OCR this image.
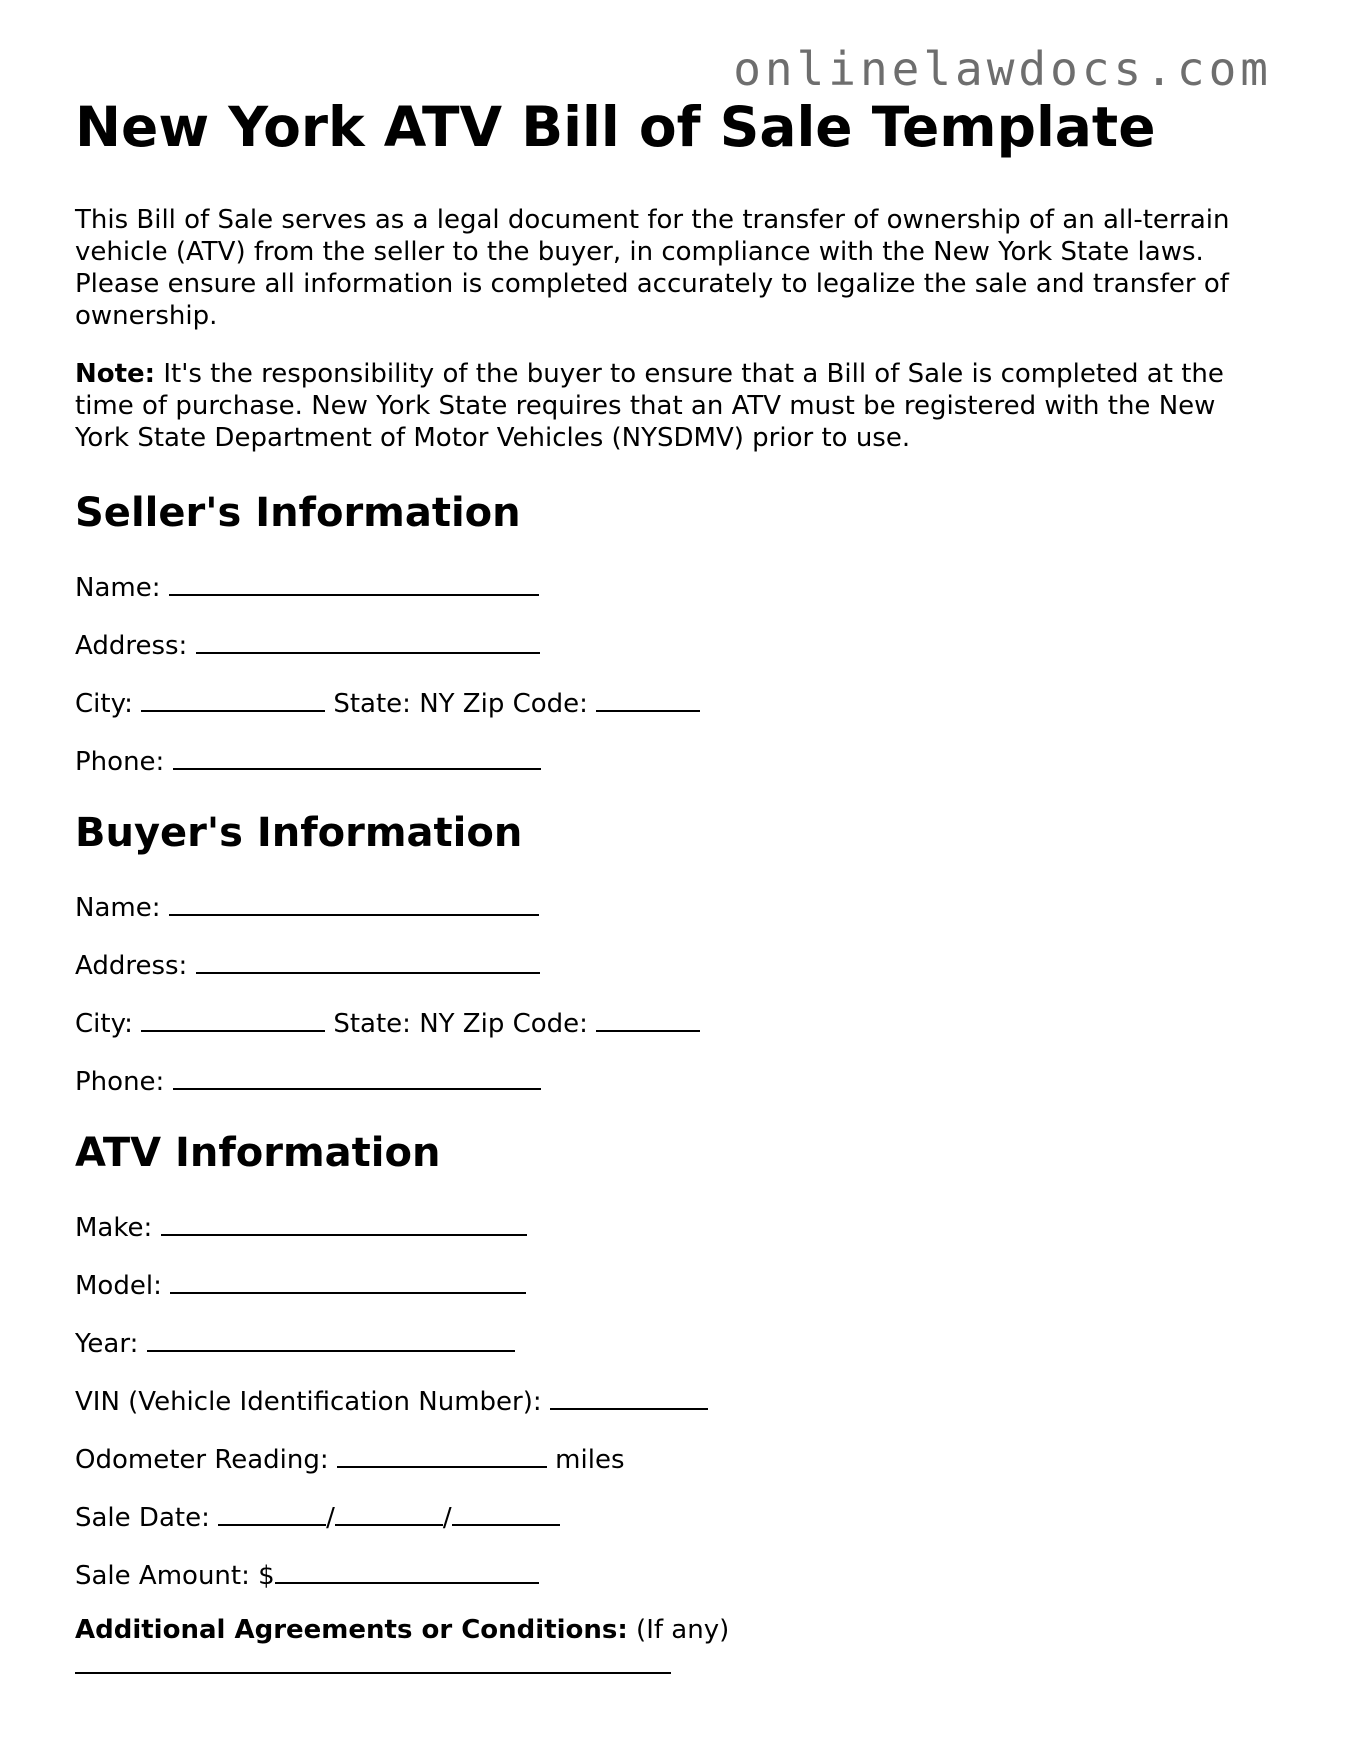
onlinelawdocs.com
New York ATV Bill of Sale Template

This Bill of Sale serves as a legal document for the transfer of ownership of an all-terrain vehicle (ATV) from the seller to the buyer, in compliance with the New York State laws. Please ensure all information is completed accurately to legalize the sale and transfer of ownership.

Note: It's the responsibility of the buyer to ensure that a Bill of Sale is completed at the time of purchase. New York State requires that an ATV must be registered with the New York State Department of Motor Vehicles (NYSDMV) prior to use.

Seller's Information
Name:
Address:
City:	State: NY Zip Code:
Phone:
Buyer's Information
Name:
Address:
City:	State: NY Zip Code:
Phone:
ATV Information
Make:
Model:
Year:
VIN (Vehicle Identification Number):
Odometer Reading:	miles
Sale Date:	/	/
Sale Amount: $
Additional Agreements or Conditions: (If any)
